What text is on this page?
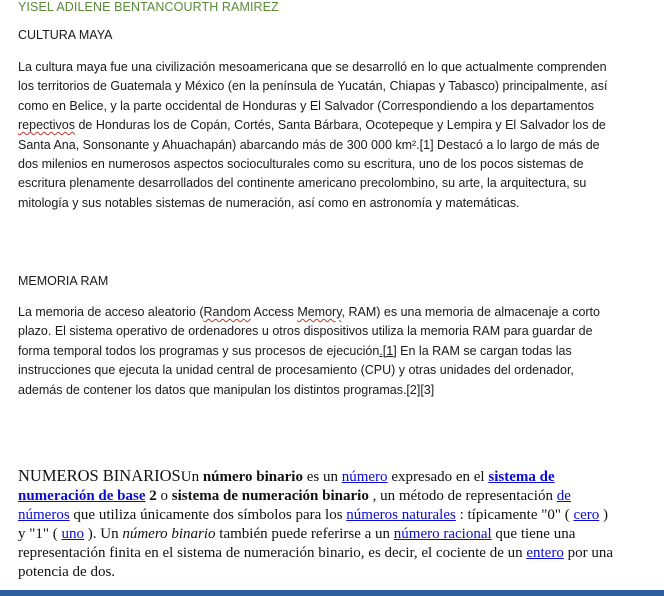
YISEL ADILENE BENTANCOURTH RAMIREZ
CULTURA MAYA
La cultura maya fue una civilización mesoamericana que se desarrolló en lo que actualmente comprenden los territorios de Guatemala y México (en la península de Yucatán, Chiapas y Tabasco) principalmente, así como en Belice, y la parte occidental de Honduras y El Salvador (Correspondiendo a los departamentos repectivos de Honduras los de Copán, Cortés, Santa Bárbara, Ocotepeque y Lempira y El Salvador los de Santa Ana, Sonsonante y Ahuachapán) abarcando más de 300 000 km².[1] Destacó a lo largo de más de dos milenios en numerosos aspectos socioculturales como su escritura, uno de los pocos sistemas de escritura plenamente desarrollados del continente americano precolombino, su arte, la arquitectura, su mitología y sus notables sistemas de numeración, así como en astronomía y matemáticas.
MEMORIA RAM
La memoria de acceso aleatorio (Random Access Memory, RAM) es una memoria de almacenaje a corto plazo. El sistema operativo de ordenadores u otros dispositivos utiliza la memoria RAM para guardar de forma temporal todos los programas y sus procesos de ejecución.[1] En la RAM se cargan todas las instrucciones que ejecuta la unidad central de procesamiento (CPU) y otras unidades del ordenador, además de contener los datos que manipulan los distintos programas.[2][3]
NUMEROS BINARIOSUn número binario es un número expresado en el sistema de numeración de base 2 o sistema de numeración binario , un método de representación de números que utiliza únicamente dos símbolos para los números naturales : típicamente "0" ( cero ) y "1" ( uno ). Un número binario también puede referirse a un número racional que tiene una representación finita en el sistema de numeración binario, es decir, el cociente de un entero por una potencia de dos.
